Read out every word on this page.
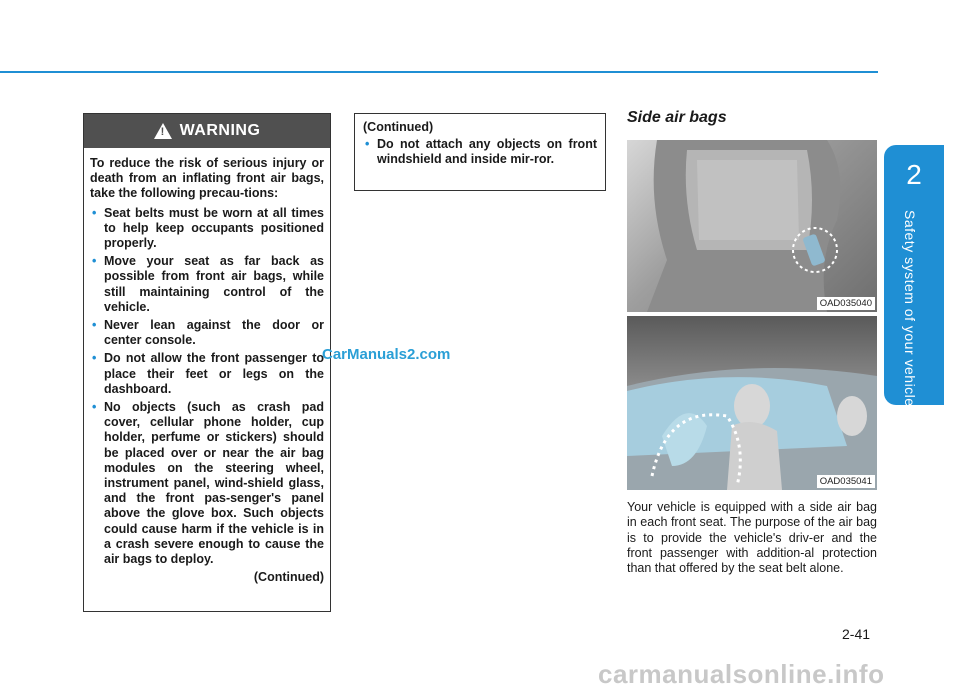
2
Safety system of your vehicle
! WARNING

To reduce the risk of serious injury or death from an inflating front air bags, take the following precau-tions:

• Seat belts must be worn at all times to help keep occupants positioned properly.
• Move your seat as far back as possible from front air bags, while still maintaining control of the vehicle.
• Never lean against the door or center console.
• Do not allow the front passenger to place their feet or legs on the dashboard.
• No objects (such as crash pad cover, cellular phone holder, cup holder, perfume or stickers) should be placed over or near the air bag modules on the steering wheel, instrument panel, wind-shield glass, and the front pas-senger's panel above the glove box. Such objects could cause harm if the vehicle is in a crash severe enough to cause the air bags to deploy.
(Continued)
(Continued)
• Do not attach any objects on front windshield and inside mir-ror.
Side air bags
OAD035040
OAD035041
Your vehicle is equipped with a side air bag in each front seat. The purpose of the air bag is to provide the vehicle's driv-er and the front passenger with addition-al protection than that offered by the seat belt alone.
CarManuals2.com
2-41
carmanualsonline.info
